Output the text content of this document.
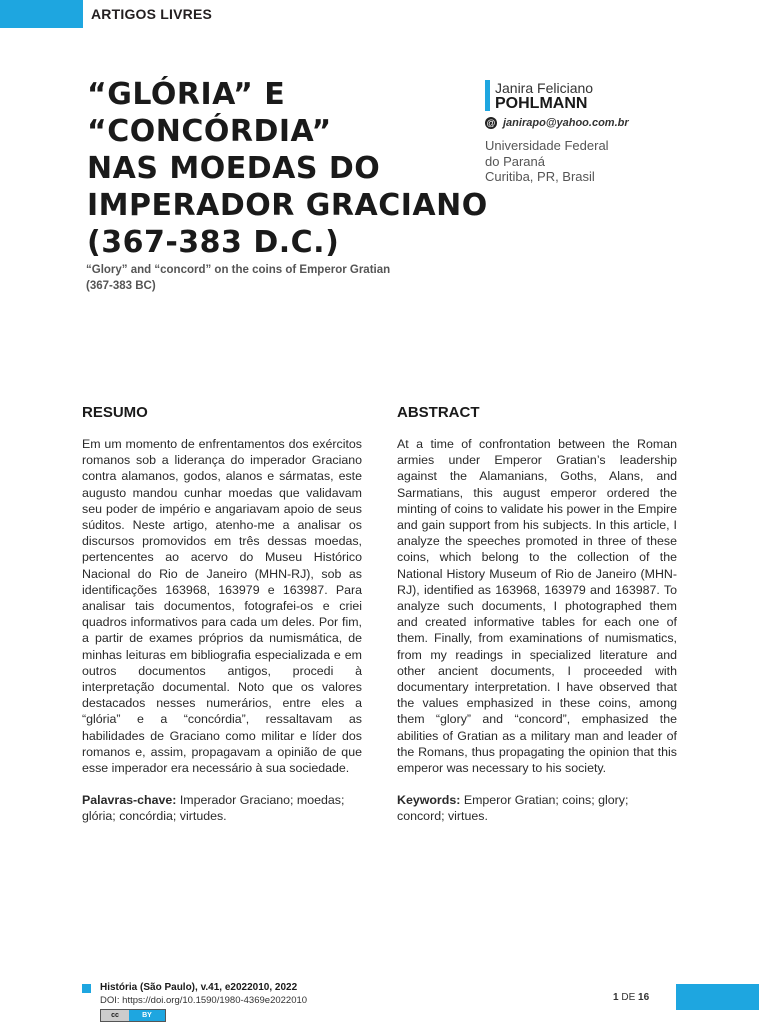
ARTIGOS LIVRES
“GLÓRIA” E
“CONCÓRDIA”
NAS MOEDAS DO
IMPERADOR GRACIANO
(367-383 D.C.)
“Glory” and “concord” on the coins of Emperor Gratian
(367-383 BC)
Janira Feliciano
POHLMANN
@ janirapo@yahoo.com.br
Universidade Federal
do Paraná
Curitiba, PR, Brasil
RESUMO

Em um momento de enfrentamentos dos exércitos romanos sob a liderança do imperador Graciano contra alamanos, godos, alanos e sármatas, este augusto mandou cunhar moedas que validavam seu poder de império e angariavam apoio de seus súditos. Neste artigo, atenho-me a analisar os discursos promovidos em três dessas moedas, pertencentes ao acervo do Museu Histórico Nacional do Rio de Janeiro (MHN-RJ), sob as identificações 163968, 163979 e 163987. Para analisar tais documentos, fotografei-os e criei quadros informativos para cada um deles. Por fim, a partir de exames próprios da numismática, de minhas leituras em bibliografia especializada e em outros documentos antigos, procedi à interpretação documental. Noto que os valores destacados nesses numerários, entre eles a “glória” e a “concórdia”, ressaltavam as habilidades de Graciano como militar e líder dos romanos e, assim, propagavam a opinião de que esse imperador era necessário à sua sociedade.

Palavras-chave: Imperador Graciano; moedas; glória; concórdia; virtudes.

ABSTRACT

At a time of confrontation between the Roman armies under Emperor Gratian’s leadership against the Alamanians, Goths, Alans, and Sarmatians, this august emperor ordered the minting of coins to validate his power in the Empire and gain support from his subjects. In this article, I analyze the speeches promoted in three of these coins, which belong to the collection of the National History Museum of Rio de Janeiro (MHN-RJ), identified as 163968, 163979 and 163987. To analyze such documents, I photographed them and created informative tables for each one of them. Finally, from examinations of numismatics, from my readings in specialized literature and other ancient documents, I proceeded with documentary interpretation. I have observed that the values emphasized in these coins, among them “glory” and “concord”, emphasized the abilities of Gratian as a military man and leader of the Romans, thus propagating the opinion that this emperor was necessary to his society.

Keywords: Emperor Gratian; coins; glory; concord; virtues.

História (São Paulo), v.41, e2022010, 2022
DOI: https://doi.org/10.1590/1980-4369e2022010
cc	BY
1 DE 16
